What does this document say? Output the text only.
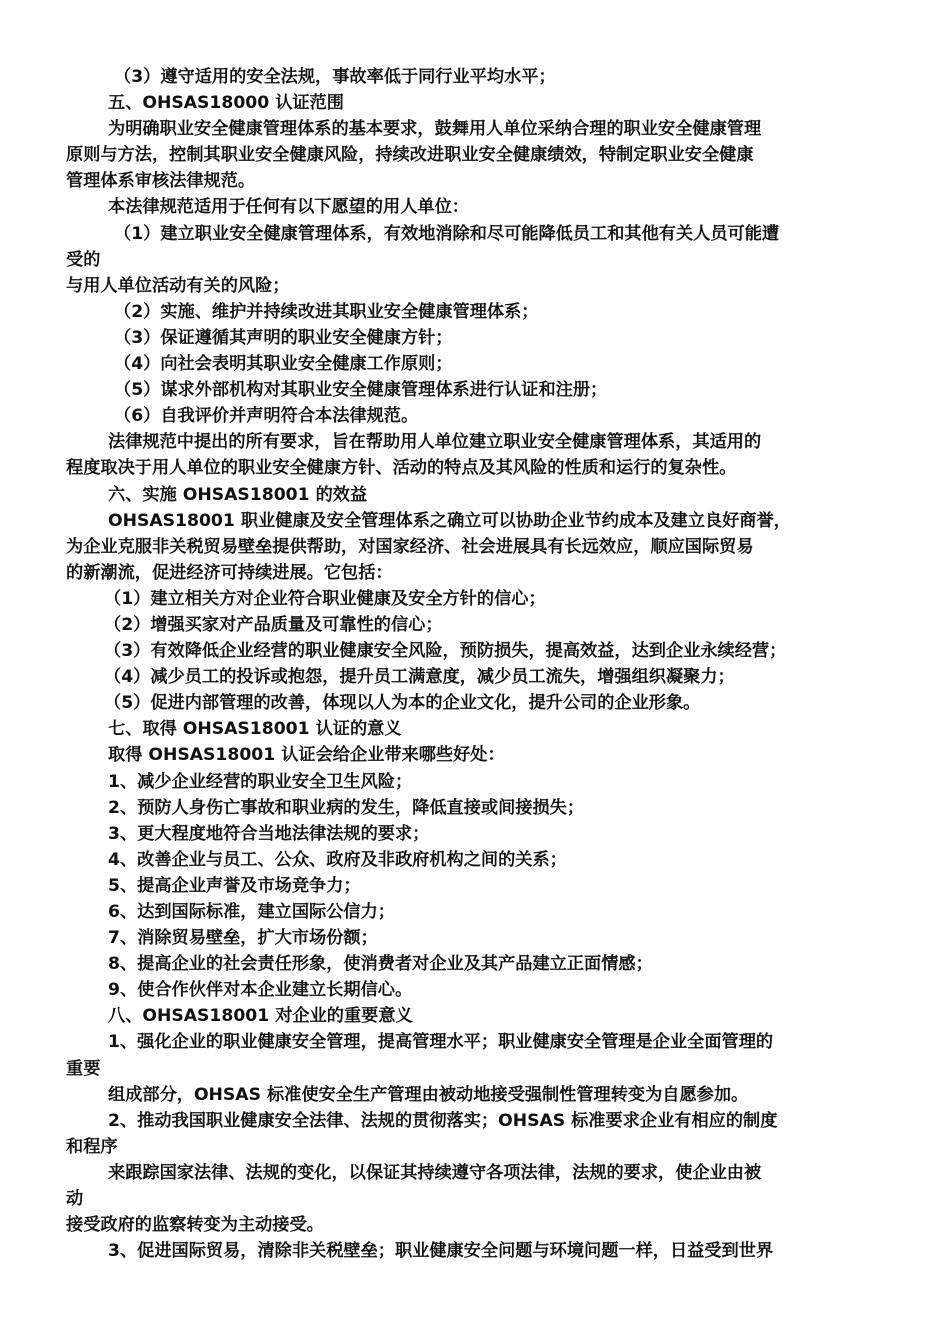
（3）遵守适用的安全法规，事故率低于同行业平均水平；
五、OHSAS18000 认证范围
为明确职业安全健康管理体系的基本要求，鼓舞用人单位采纳合理的职业安全健康管理
原则与方法，控制其职业安全健康风险，持续改进职业安全健康绩效，特制定职业安全健康
管理体系审核法律规范。
本法律规范适用于任何有以下愿望的用人单位：
（1）建立职业安全健康管理体系，有效地消除和尽可能降低员工和其他有关人员可能遭
受的
与用人单位活动有关的风险；
（2）实施、维护并持续改进其职业安全健康管理体系；
（3）保证遵循其声明的职业安全健康方针；
（4）向社会表明其职业安全健康工作原则；
（5）谋求外部机构对其职业安全健康管理体系进行认证和注册；
（6）自我评价并声明符合本法律规范。
法律规范中提出的所有要求，旨在帮助用人单位建立职业安全健康管理体系，其适用的
程度取决于用人单位的职业安全健康方针、活动的特点及其风险的性质和运行的复杂性。
六、实施 OHSAS18001 的效益
OHSAS18001 职业健康及安全管理体系之确立可以协助企业节约成本及建立良好商誉，
为企业克服非关税贸易壁垒提供帮助，对国家经济、社会进展具有长远效应，顺应国际贸易
的新潮流，促进经济可持续进展。它包括：
（1）建立相关方对企业符合职业健康及安全方针的信心；
（2）增强买家对产品质量及可靠性的信心；
（3）有效降低企业经营的职业健康安全风险，预防损失，提高效益，达到企业永续经营；
（4）减少员工的投诉或抱怨，提升员工满意度，减少员工流失，增强组织凝聚力；
（5）促进内部管理的改善，体现以人为本的企业文化，提升公司的企业形象。
七、取得 OHSAS18001 认证的意义
取得 OHSAS18001 认证会给企业带来哪些好处：
1、减少企业经营的职业安全卫生风险；
2、预防人身伤亡事故和职业病的发生，降低直接或间接损失；
3、更大程度地符合当地法律法规的要求；
4、改善企业与员工、公众、政府及非政府机构之间的关系；
5、提高企业声誉及市场竞争力；
6、达到国际标准，建立国际公信力；
7、消除贸易壁垒，扩大市场份额；
8、提高企业的社会责任形象，使消费者对企业及其产品建立正面情感；
9、使合作伙伴对本企业建立长期信心。
八、OHSAS18001 对企业的重要意义
1、强化企业的职业健康安全管理，提高管理水平；职业健康安全管理是企业全面管理的
重要
组成部分，OHSAS 标准使安全生产管理由被动地接受强制性管理转变为自愿参加。
2、推动我国职业健康安全法律、法规的贯彻落实；OHSAS 标准要求企业有相应的制度
和程序
来跟踪国家法律、法规的变化，以保证其持续遵守各项法律，法规的要求，使企业由被
动
接受政府的监察转变为主动接受。
3、促进国际贸易，清除非关税壁垒；职业健康安全问题与环境问题一样，日益受到世界
